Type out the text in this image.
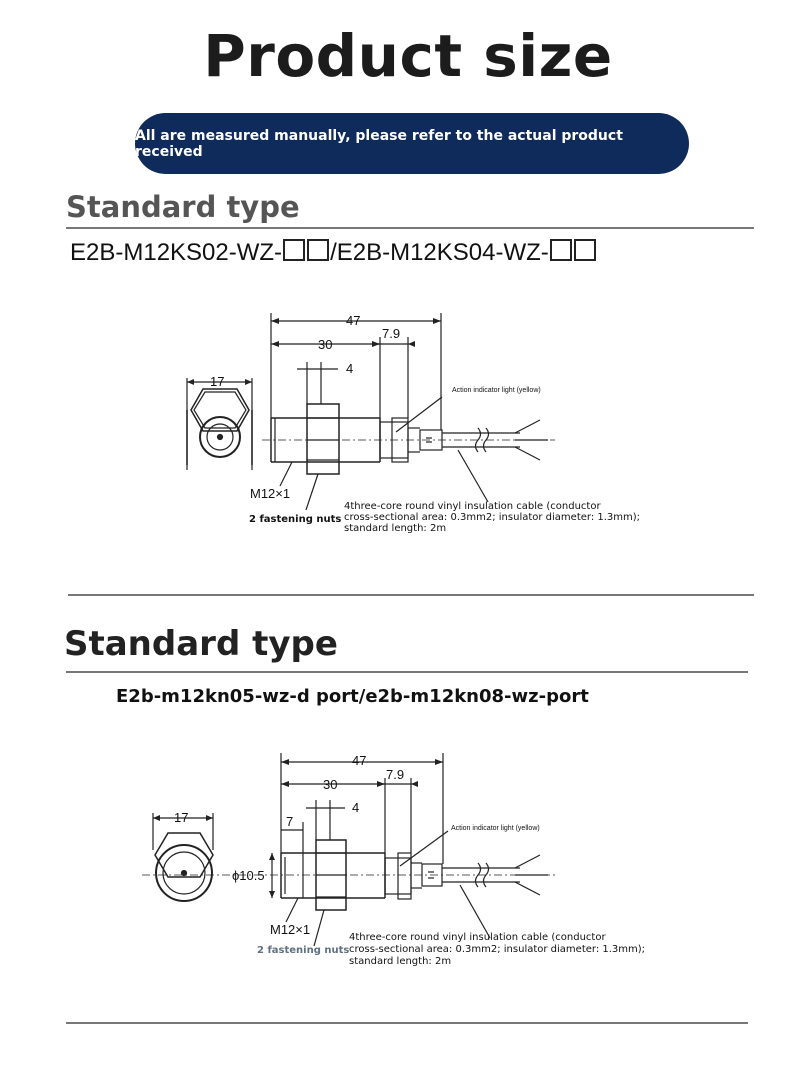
Product size
All are measured manually, please refer to the actual product received
Standard type
E2B-M12KS02-WZ- /E2B-M12KS04-WZ-
47
30
7.9
4
17
M12×1
2 fastening nuts
Action indicator light (yellow)
4three-core round vinyl insulation cable (conductor
cross-sectional area: 0.3mm2; insulator diameter: 1.3mm);
standard length: 2m
Standard type
E2b-m12kn05-wz-d port/e2b-m12kn08-wz-port
47
30
7.9
4
7
17
ϕ10.5
M12×1
2 fastening nuts
Action indicator light (yellow)
4three-core round vinyl insulation cable (conductor
cross-sectional area: 0.3mm2; insulator diameter: 1.3mm);
standard length: 2m
